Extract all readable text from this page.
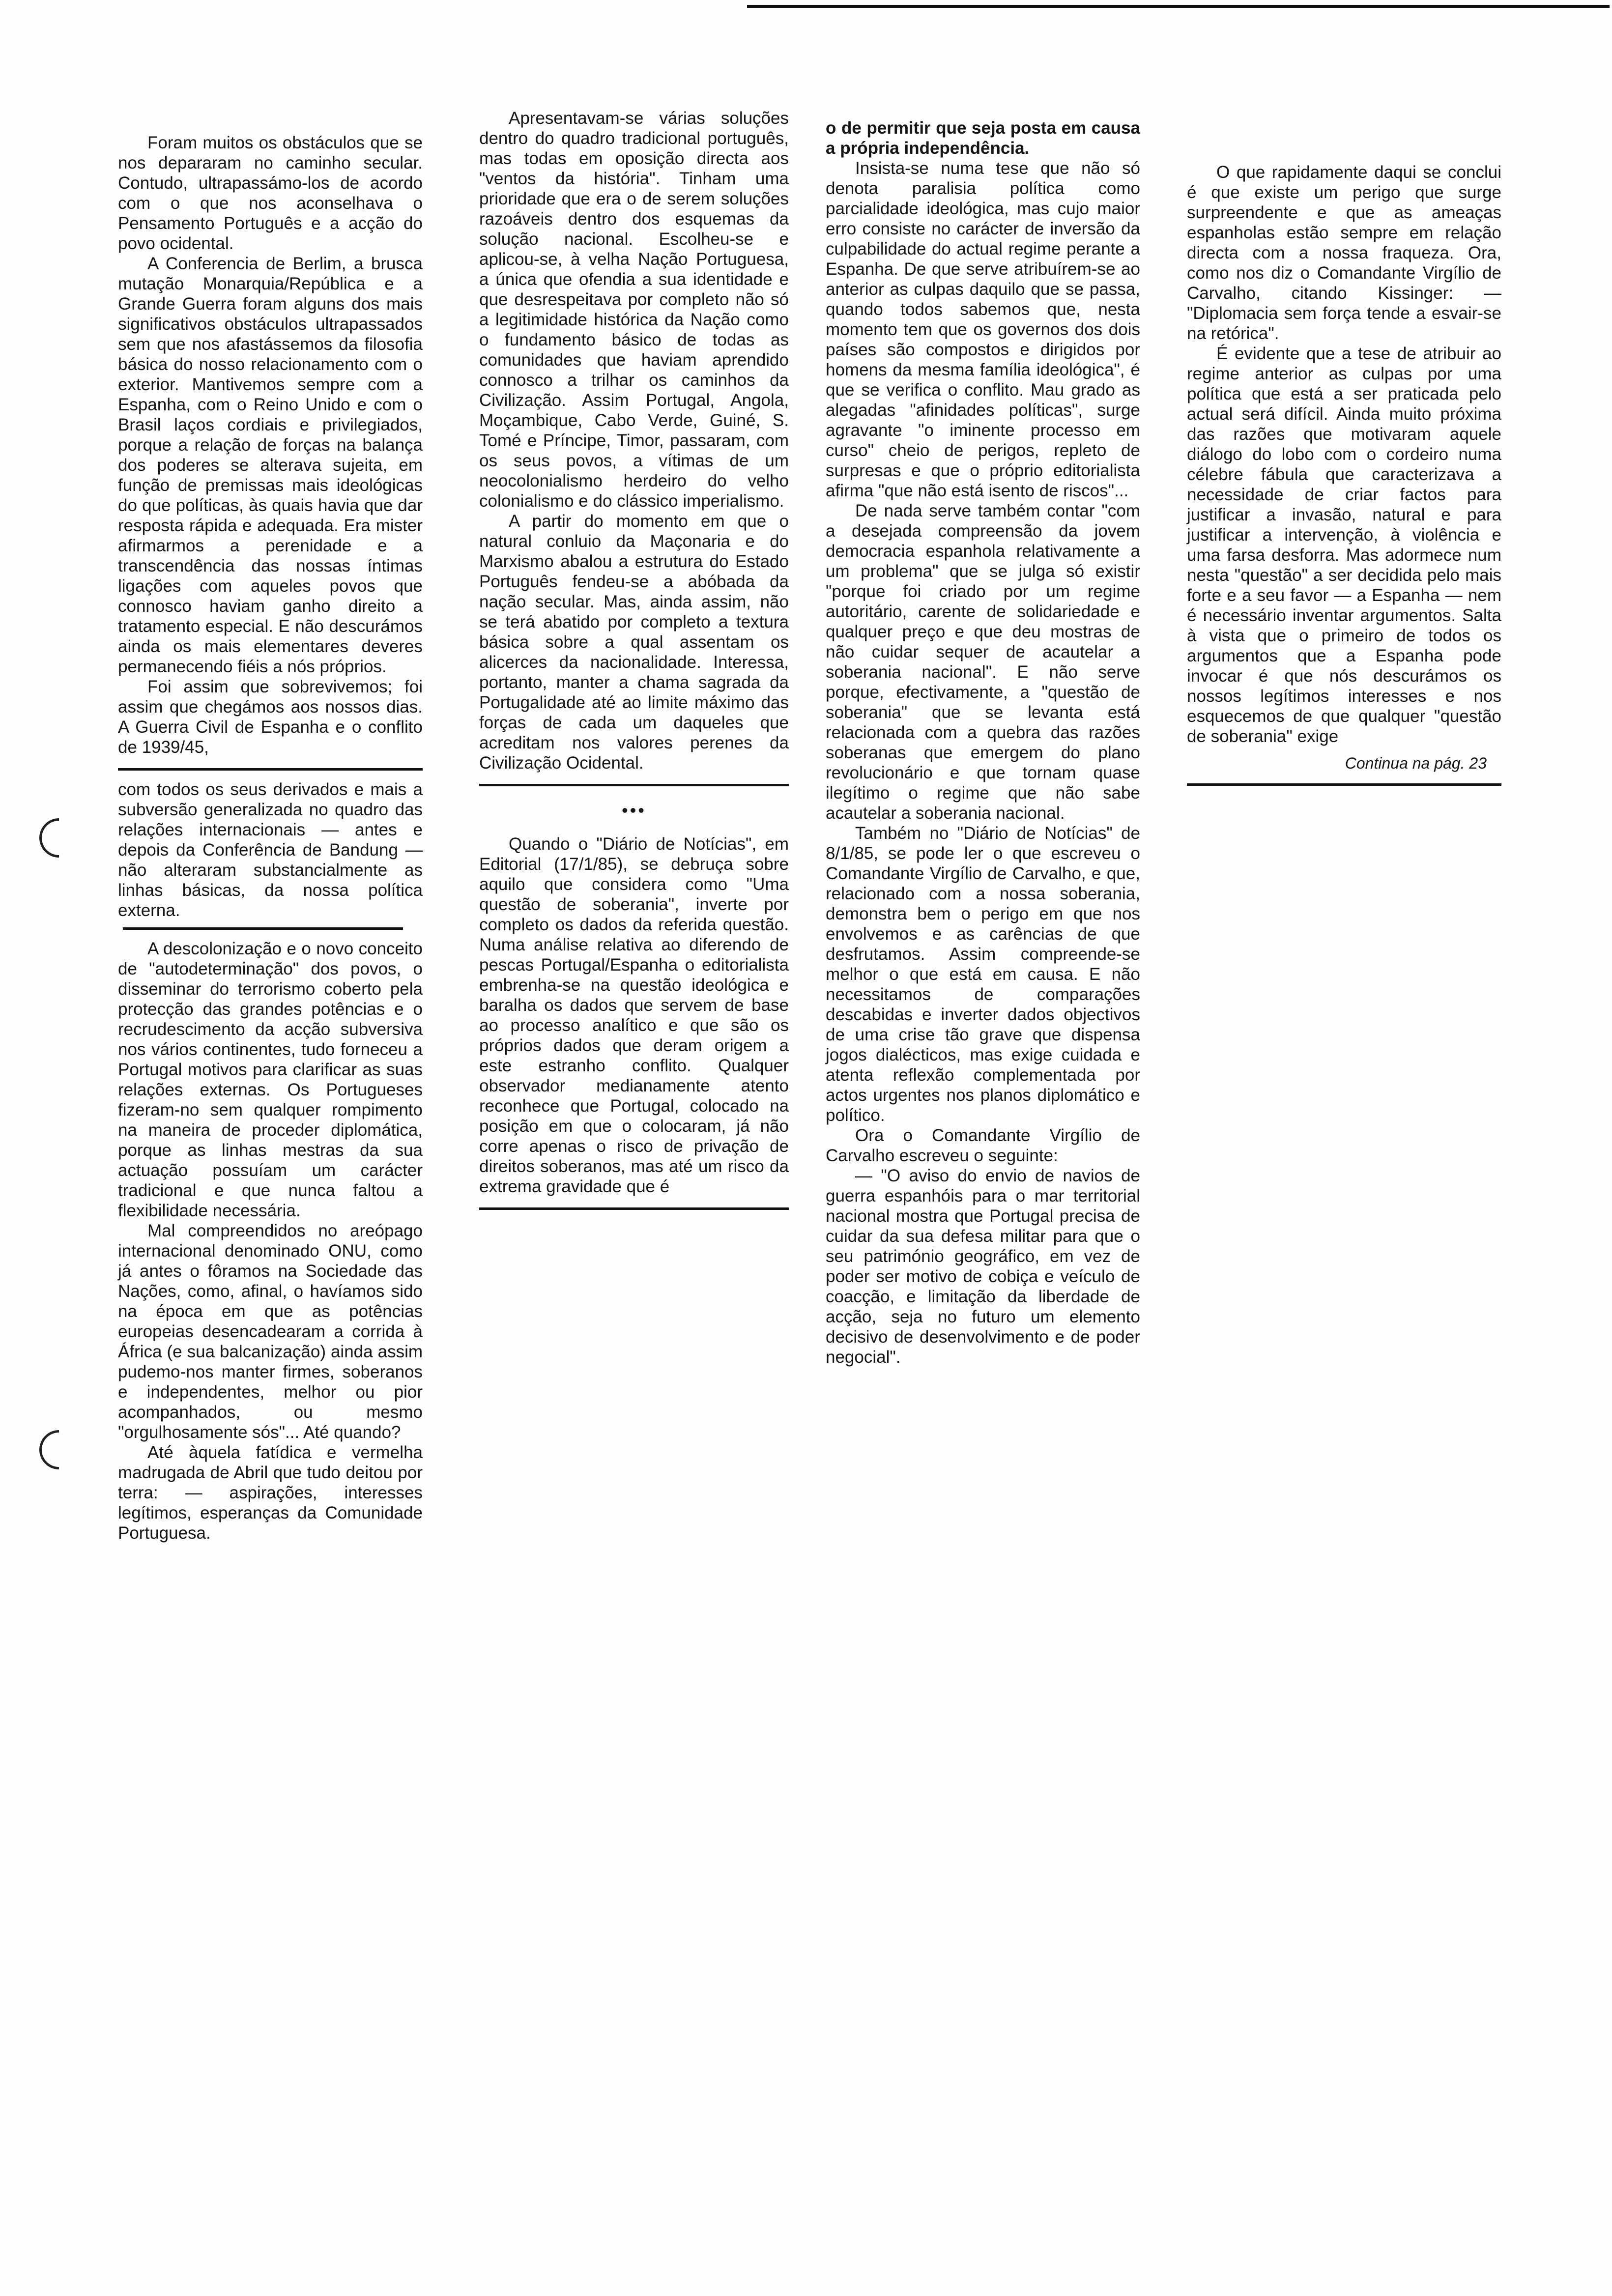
Foram muitos os obstáculos que se nos depararam no caminho secular. Contudo, ultrapassámo-los de acordo com o que nos aconselhava o Pensamento Português e a acção do povo ocidental.

A Conferencia de Berlim, a brusca mutação Monarquia/República e a Grande Guerra foram alguns dos mais significativos obstáculos ultrapassados sem que nos afastássemos da filosofia básica do nosso relacionamento com o exterior. Mantivemos sempre com a Espanha, com o Reino Unido e com o Brasil laços cordiais e privilegiados, porque a relação de forças na balança dos poderes se alterava sujeita, em função de premissas mais ideológicas do que políticas, às quais havia que dar resposta rápida e adequada. Era mister afirmarmos a perenidade e a transcendência das nossas íntimas ligações com aqueles povos que connosco haviam ganho direito a tratamento especial. E não descurámos ainda os mais elementares deveres permanecendo fiéis a nós próprios.

Foi assim que sobrevivemos; foi assim que chegámos aos nossos dias. A Guerra Civil de Espanha e o conflito de 1939/45,

com todos os seus derivados e mais a subversão generalizada no quadro das relações internacionais — antes e depois da Conferência de Bandung — não alteraram substancialmente as linhas básicas, da nossa política externa.

A descolonização e o novo conceito de "autodeterminação" dos povos, o disseminar do terrorismo coberto pela protecção das grandes potências e o recrudescimento da acção subversiva nos vários continentes, tudo forneceu a Portugal motivos para clarificar as suas relações externas. Os Portugueses fizeram-no sem qualquer rompimento na maneira de proceder diplomática, porque as linhas mestras da sua actuação possuíam um carácter tradicional e que nunca faltou a flexibilidade necessária.

Mal compreendidos no areópago internacional denominado ONU, como já antes o fôramos na Sociedade das Nações, como, afinal, o havíamos sido na época em que as potências europeias desencadearam a corrida à África (e sua balcanização) ainda assim pudemo-nos manter firmes, soberanos e independentes, melhor ou pior acompanhados, ou mesmo "orgulhosamente sós"... Até quando?

Até àquela fatídica e vermelha madrugada de Abril que tudo deitou por terra: — aspirações, interesses legítimos, esperanças da Comunidade Portuguesa.

Apresentavam-se várias soluções dentro do quadro tradicional português, mas todas em oposição directa aos "ventos da história". Tinham uma prioridade que era o de serem soluções razoáveis dentro dos esquemas da solução nacional. Escolheu-se e aplicou-se, à velha Nação Portuguesa, a única que ofendia a sua identidade e que desrespeitava por completo não só a legitimidade histórica da Nação como o fundamento básico de todas as comunidades que haviam aprendido connosco a trilhar os caminhos da Civilização. Assim Portugal, Angola, Moçambique, Cabo Verde, Guiné, S. Tomé e Príncipe, Timor, passaram, com os seus povos, a vítimas de um neocolonialismo herdeiro do velho colonialismo e do clássico imperialismo.

A partir do momento em que o natural conluio da Maçonaria e do Marxismo abalou a estrutura do Estado Português fendeu-se a abóbada da nação secular. Mas, ainda assim, não se terá abatido por completo a textura básica sobre a qual assentam os alicerces da nacionalidade. Interessa, portanto, manter a chama sagrada da Portugalidade até ao limite máximo das forças de cada um daqueles que acreditam nos valores perenes da Civilização Ocidental.

•••

Quando o "Diário de Notícias", em Editorial (17/1/85), se debruça sobre aquilo que considera como "Uma questão de soberania", inverte por completo os dados da referida questão. Numa análise relativa ao diferendo de pescas Portugal/Espanha o editorialista embrenha-se na questão ideológica e baralha os dados que servem de base ao processo analítico e que são os próprios dados que deram origem a este estranho conflito. Qualquer observador medianamente atento reconhece que Portugal, colocado na posição em que o colocaram, já não corre apenas o risco de privação de direitos soberanos, mas até um risco da extrema gravidade que é

o de permitir que seja posta em causa a própria independência.

Insista-se numa tese que não só denota paralisia política como parcialidade ideológica, mas cujo maior erro consiste no carácter de inversão da culpabilidade do actual regime perante a Espanha. De que serve atribuírem-se ao anterior as culpas daquilo que se passa, quando todos sabemos que, nesta momento tem que os governos dos dois países são compostos e dirigidos por homens da mesma família ideológica", é que se verifica o conflito. Mau grado as alegadas "afinidades políticas", surge agravante "o iminente processo em curso" cheio de perigos, repleto de surpresas e que o próprio editorialista afirma "que não está isento de riscos"...

De nada serve também contar "com a desejada compreensão da jovem democracia espanhola relativamente a um problema" que se julga só existir "porque foi criado por um regime autoritário, carente de solidariedade e qualquer preço e que deu mostras de não cuidar sequer de acautelar a soberania nacional". E não serve porque, efectivamente, a "questão de soberania" que se levanta está relacionada com a quebra das razões soberanas que emergem do plano revolucionário e que tornam quase ilegítimo o regime que não sabe acautelar a soberania nacional.

Também no "Diário de Notícias" de 8/1/85, se pode ler o que escreveu o Comandante Virgílio de Carvalho, e que, relacionado com a nossa soberania, demonstra bem o perigo em que nos envolvemos e as carências de que desfrutamos. Assim compreende-se melhor o que está em causa. E não necessitamos de comparações descabidas e inverter dados objectivos de uma crise tão grave que dispensa jogos dialécticos, mas exige cuidada e atenta reflexão complementada por actos urgentes nos planos diplomático e político.

Ora o Comandante Virgílio de Carvalho escreveu o seguinte:

— "O aviso do envio de navios de guerra espanhóis para o mar territorial nacional mostra que Portugal precisa de cuidar da sua defesa militar para que o seu património geográfico, em vez de poder ser motivo de cobiça e veículo de coacção, e limitação da liberdade de acção, seja no futuro um elemento decisivo de desenvolvimento e de poder negocial".

O que rapidamente daqui se conclui é que existe um perigo que surge surpreendente e que as ameaças espanholas estão sempre em relação directa com a nossa fraqueza. Ora, como nos diz o Comandante Virgílio de Carvalho, citando Kissinger: — "Diplomacia sem força tende a esvair-se na retórica".

É evidente que a tese de atribuir ao regime anterior as culpas por uma política que está a ser praticada pelo actual será difícil. Ainda muito próxima das razões que motivaram aquele diálogo do lobo com o cordeiro numa célebre fábula que caracterizava a necessidade de criar factos para justificar a invasão, natural e para justificar a intervenção, à violência e uma farsa desforra. Mas adormece num nesta "questão" a ser decidida pelo mais forte e a seu favor — a Espanha — nem é necessário inventar argumentos. Salta à vista que o primeiro de todos os argumentos que a Espanha pode invocar é que nós descurámos os nossos legítimos interesses e nos esquecemos de que qualquer "questão de soberania" exige

Continua na pág. 23
